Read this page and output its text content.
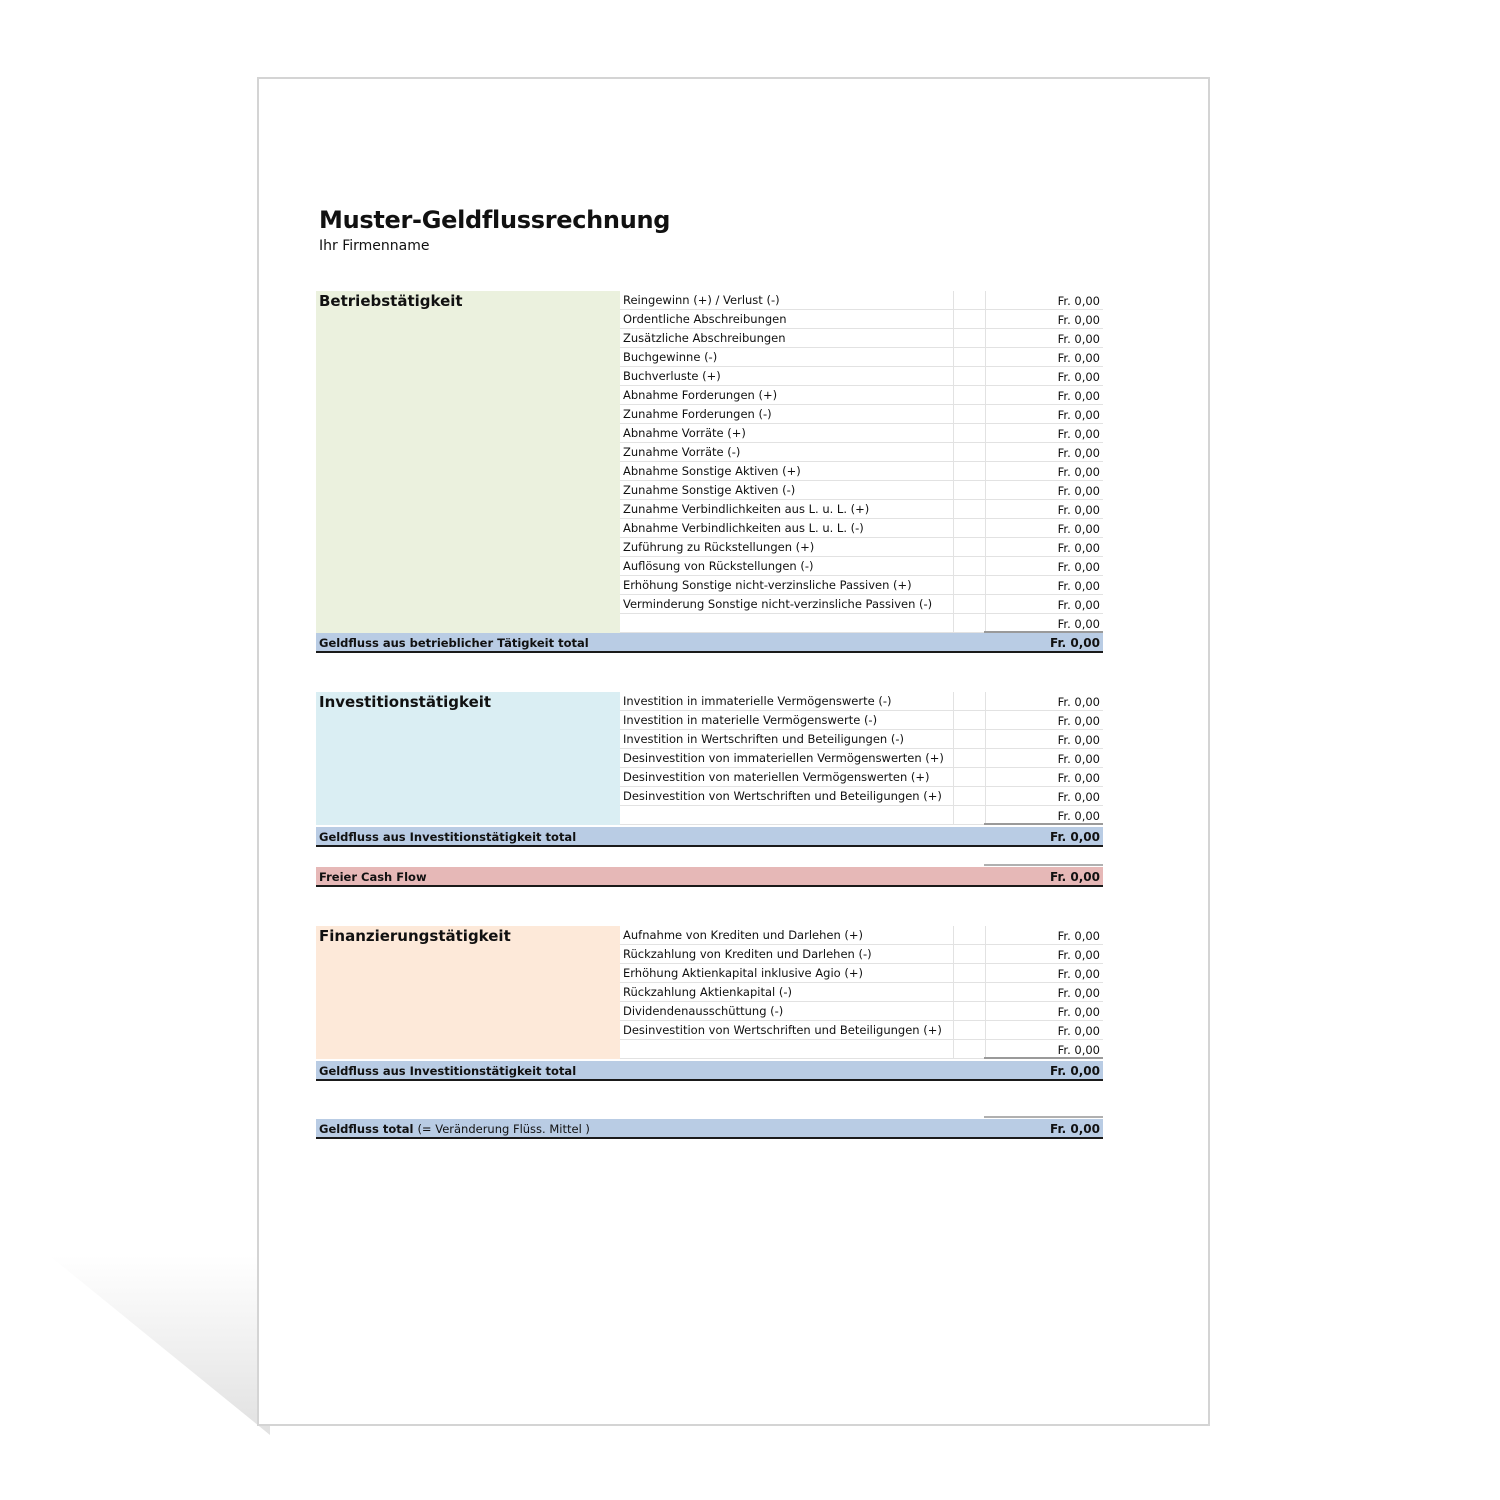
Muster-Geldflussrechnung
Ihr Firmenname
Betriebstätigkeit	Reingewinn (+) / Verlust (-)	Fr. 0,00
Ordentliche Abschreibungen	Fr. 0,00
Zusätzliche Abschreibungen	Fr. 0,00
Buchgewinne (-)	Fr. 0,00
Buchverluste (+)	Fr. 0,00
Abnahme Forderungen (+)	Fr. 0,00
Zunahme Forderungen (-)	Fr. 0,00
Abnahme Vorräte (+)	Fr. 0,00
Zunahme Vorräte (-)	Fr. 0,00
Abnahme Sonstige Aktiven (+)	Fr. 0,00
Zunahme Sonstige Aktiven (-)	Fr. 0,00
Zunahme Verbindlichkeiten aus L. u. L. (+)	Fr. 0,00
Abnahme Verbindlichkeiten aus L. u. L. (-)	Fr. 0,00
Zuführung zu Rückstellungen (+)	Fr. 0,00
Auflösung von Rückstellungen (-)	Fr. 0,00
Erhöhung Sonstige nicht-verzinsliche Passiven (+)	Fr. 0,00
Verminderung Sonstige nicht-verzinsliche Passiven (-)	Fr. 0,00
Fr. 0,00
Geldfluss aus betrieblicher Tätigkeit total	Fr. 0,00
Investitionstätigkeit	Investition in immaterielle Vermögenswerte (-)	Fr. 0,00
Investition in materielle Vermögenswerte (-)	Fr. 0,00
Investition in Wertschriften und Beteiligungen (-)	Fr. 0,00
Desinvestition von immateriellen Vermögenswerten (+)	Fr. 0,00
Desinvestition von materiellen Vermögenswerten (+)	Fr. 0,00
Desinvestition von Wertschriften und Beteiligungen (+)	Fr. 0,00
Fr. 0,00
Geldfluss aus Investitionstätigkeit total	Fr. 0,00
Freier Cash Flow	Fr. 0,00
Finanzierungstätigkeit	Aufnahme von Krediten und Darlehen (+)	Fr. 0,00
Rückzahlung von Krediten und Darlehen (-)	Fr. 0,00
Erhöhung Aktienkapital inklusive Agio (+)	Fr. 0,00
Rückzahlung Aktienkapital (-)	Fr. 0,00
Dividendenausschüttung (-)	Fr. 0,00
Desinvestition von Wertschriften und Beteiligungen (+)	Fr. 0,00
Fr. 0,00
Geldfluss aus Investitionstätigkeit total	Fr. 0,00
Geldfluss total (= Veränderung Flüss. Mittel )	Fr. 0,00
